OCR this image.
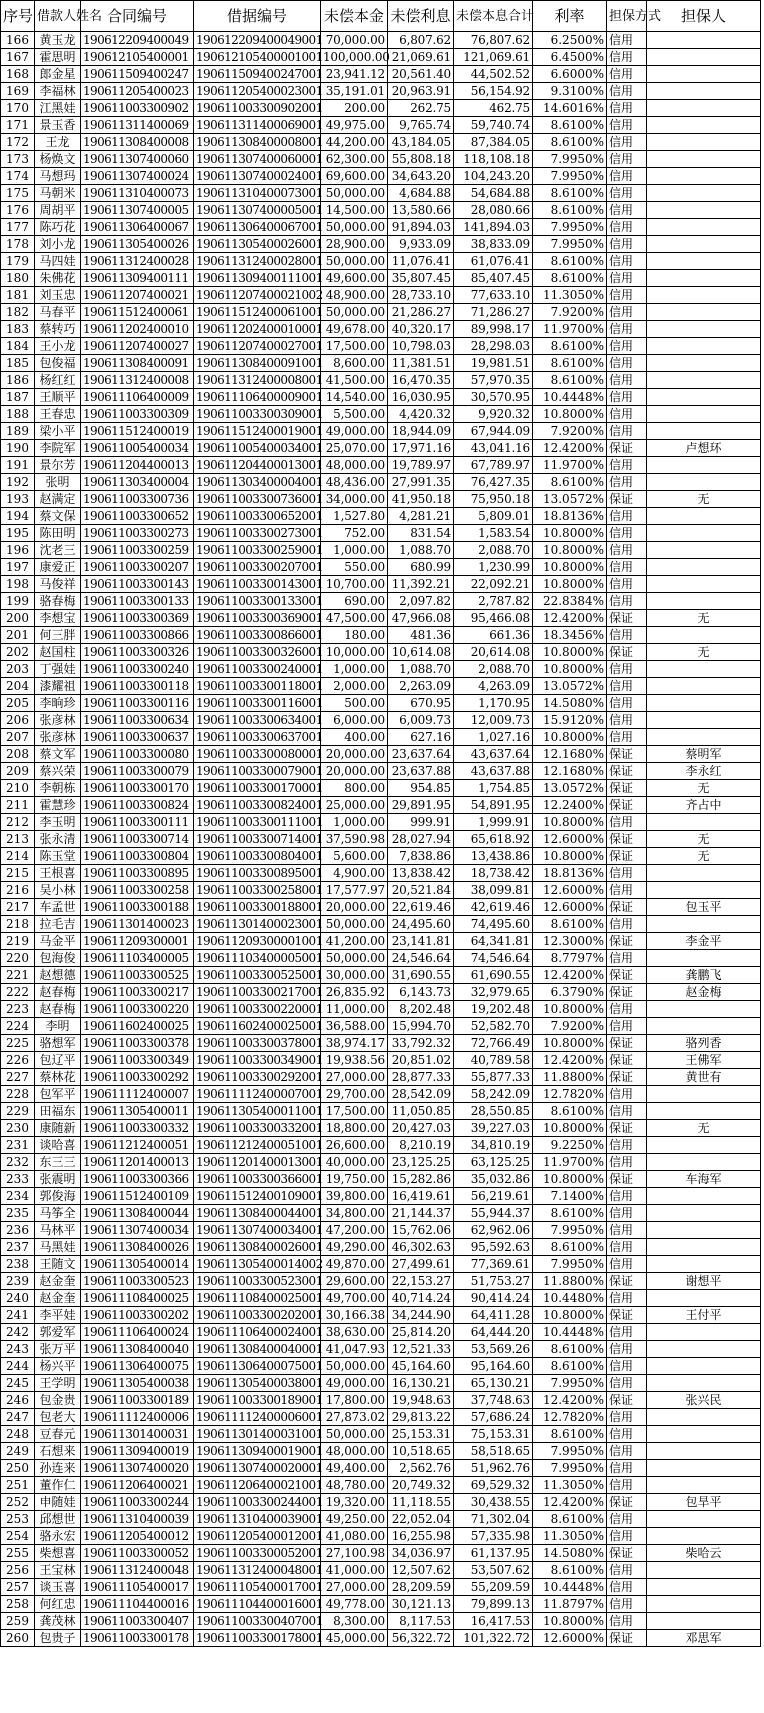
序号	借款人姓名	合同编号	借据编号	未偿本金	未偿利息	未偿本息合计	利率	担保方式	担保人
166	黄玉龙	190612209400049	190612209400049001	70,000.00	6,807.62	76,807.62	6.2500%	信用	
167	霍思明	190612105400001	190612105400001001	100,000.00	21,069.61	121,069.61	6.4500%	信用	
168	郎金星	190611509400247	190611509400247001	23,941.12	20,561.40	44,502.52	6.6000%	信用	
169	李福林	190611205400023	190611205400023001	35,191.01	20,963.91	56,154.92	9.3100%	信用	
170	江黑娃	190611003300902	190611003300902001	200.00	262.75	462.75	14.6016%	信用	
171	景玉香	190611311400069	190611311400069001	49,975.00	9,765.74	59,740.74	8.6100%	信用	
172	王龙	190611308400008	190611308400008001	44,200.00	43,184.05	87,384.05	8.6100%	信用	
173	杨焕文	190611307400060	190611307400060001	62,300.00	55,808.18	118,108.18	7.9950%	信用	
174	马想玛	190611307400024	190611307400024001	69,600.00	34,643.20	104,243.20	7.9950%	信用	
175	马朝米	190611310400073	190611310400073001	50,000.00	4,684.88	54,684.88	8.6100%	信用	
176	周胡平	190611307400005	190611307400005001	14,500.00	13,580.66	28,080.66	8.6100%	信用	
177	陈巧花	190611306400067	190611306400067001	50,000.00	91,894.03	141,894.03	7.9950%	信用	
178	刘小龙	190611305400026	190611305400026001	28,900.00	9,933.09	38,833.09	7.9950%	信用	
179	马四娃	190611312400028	190611312400028001	50,000.00	11,076.41	61,076.41	8.6100%	信用	
180	朱佛花	190611309400111	190611309400111001	49,600.00	35,807.45	85,407.45	8.6100%	信用	
181	刘玉忠	190611207400021	190611207400021002	48,900.00	28,733.10	77,633.10	11.3050%	信用	
182	马春平	190611512400061	190611512400061001	50,000.00	21,286.27	71,286.27	7.9200%	信用	
183	蔡转巧	190611202400010	190611202400010001	49,678.00	40,320.17	89,998.17	11.9700%	信用	
184	王小龙	190611207400027	190611207400027001	17,500.00	10,798.03	28,298.03	8.6100%	信用	
185	包俊福	190611308400091	190611308400091001	8,600.00	11,381.51	19,981.51	8.6100%	信用	
186	杨红红	190611312400008	190611312400008001	41,500.00	16,470.35	57,970.35	8.6100%	信用	
187	王顺平	190611106400009	190611106400009001	14,540.00	16,030.95	30,570.95	10.4448%	信用	
188	王春忠	190611003300309	190611003300309001	5,500.00	4,420.32	9,920.32	10.8000%	信用	
189	梁小平	190611512400019	190611512400019001	49,000.00	18,944.09	67,944.09	7.9200%	信用	
190	李院军	190611005400034	190611005400034001	25,070.00	17,971.16	43,041.16	12.4200%	保证	卢想环
191	景尔芳	190611204400013	190611204400013001	48,000.00	19,789.97	67,789.97	11.9700%	信用	
192	张明	190611303400004	190611303400004001	48,436.00	27,991.35	76,427.35	8.6100%	信用	
193	赵满定	190611003300736	190611003300736001	34,000.00	41,950.18	75,950.18	13.0572%	保证	无
194	蔡文保	190611003300652	190611003300652001	1,527.80	4,281.21	5,809.01	18.8136%	信用	
195	陈田明	190611003300273	190611003300273001	752.00	831.54	1,583.54	10.8000%	信用	
196	沈老三	190611003300259	190611003300259001	1,000.00	1,088.70	2,088.70	10.8000%	信用	
197	康爱正	190611003300207	190611003300207001	550.00	680.99	1,230.99	10.8000%	信用	
198	马俊祥	190611003300143	190611003300143001	10,700.00	11,392.21	22,092.21	10.8000%	信用	
199	骆春梅	190611003300133	190611003300133001	690.00	2,097.82	2,787.82	22.8384%	信用	
200	李想宝	190611003300369	190611003300369001	47,500.00	47,966.08	95,466.08	12.4200%	保证	无
201	何三胖	190611003300866	190611003300866001	180.00	481.36	661.36	18.3456%	信用	
202	赵国柱	190611003300326	190611003300326001	10,000.00	10,614.08	20,614.08	10.8000%	保证	无
203	丁强娃	190611003300240	190611003300240001	1,000.00	1,088.70	2,088.70	10.8000%	信用	
204	漆耀祖	190611003300118	190611003300118001	2,000.00	2,263.09	4,263.09	13.0572%	信用	
205	李晌珍	190611003300116	190611003300116001	500.00	670.95	1,170.95	14.5080%	信用	
206	张彦林	190611003300634	190611003300634001	6,000.00	6,009.73	12,009.73	15.9120%	信用	
207	张彦林	190611003300637	190611003300637001	400.00	627.16	1,027.16	10.8000%	信用	
208	蔡文军	190611003300080	190611003300080001	20,000.00	23,637.64	43,637.64	12.1680%	保证	蔡明军
209	蔡兴荣	190611003300079	190611003300079001	20,000.00	23,637.88	43,637.88	12.1680%	保证	李永红
210	李朝栋	190611003300170	190611003300170001	800.00	954.85	1,754.85	13.0572%	保证	无
211	霍慧珍	190611003300824	190611003300824001	25,000.00	29,891.95	54,891.95	12.2400%	保证	齐占中
212	李玉明	190611003300111	190611003300111001	1,000.00	999.91	1,999.91	10.8000%	信用	
213	张永清	190611003300714	190611003300714001	37,590.98	28,027.94	65,618.92	12.6000%	保证	无
214	陈玉堂	190611003300804	190611003300804001	5,600.00	7,838.86	13,438.86	10.8000%	保证	无
215	王根喜	190611003300895	190611003300895001	4,900.00	13,838.42	18,738.42	18.8136%	信用	
216	吴小林	190611003300258	190611003300258001	17,577.97	20,521.84	38,099.81	12.6000%	信用	
217	车孟世	190611003300188	190611003300188001	20,000.00	22,619.46	42,619.46	12.6000%	保证	包玉平
218	拉毛吉	190611301400023	190611301400023001	50,000.00	24,495.60	74,495.60	8.6100%	信用	
219	马金平	190611209300001	190611209300001001	41,200.00	23,141.81	64,341.81	12.3000%	保证	李金平
220	包海俊	190611103400005	190611103400005001	50,000.00	24,546.64	74,546.64	8.7797%	信用	
221	赵想德	190611003300525	190611003300525001	30,000.00	31,690.55	61,690.55	12.4200%	保证	龚鹏飞
222	赵春梅	190611003300217	190611003300217001	26,835.92	6,143.73	32,979.65	6.3790%	保证	赵金梅
223	赵春梅	190611003300220	190611003300220001	11,000.00	8,202.48	19,202.48	10.8000%	信用	
224	李明	190611602400025	190611602400025001	36,588.00	15,994.70	52,582.70	7.9200%	信用	
225	骆想军	190611003300378	190611003300378001	38,974.17	33,792.32	72,766.49	10.8000%	保证	骆列香
226	包辽平	190611003300349	190611003300349001	19,938.56	20,851.02	40,789.58	12.4200%	保证	王佛军
227	蔡林花	190611003300292	190611003300292001	27,000.00	28,877.33	55,877.33	11.8800%	保证	黄世有
228	包军平	190611112400007	190611112400007001	29,700.00	28,542.09	58,242.09	12.7820%	信用	
229	田福东	190611305400011	190611305400011001	17,500.00	11,050.85	28,550.85	8.6100%	信用	
230	康随新	190611003300332	190611003300332001	18,800.00	20,427.03	39,227.03	10.8000%	保证	无
231	谈哈喜	190611212400051	190611212400051001	26,600.00	8,210.19	34,810.19	9.2250%	信用	
232	东三三	190611201400013	190611201400013001	40,000.00	23,125.25	63,125.25	11.9700%	信用	
233	张震明	190611003300366	190611003300366001	19,750.00	15,282.86	35,032.86	10.8000%	保证	车海军
234	郭俊海	190611512400109	190611512400109001	39,800.00	16,419.61	56,219.61	7.1400%	信用	
235	马筝全	190611308400044	190611308400044001	34,800.00	21,144.37	55,944.37	8.6100%	信用	
236	马林平	190611307400034	190611307400034001	47,200.00	15,762.06	62,962.06	7.9950%	信用	
237	马黑娃	190611308400026	190611308400026001	49,290.00	46,302.63	95,592.63	8.6100%	信用	
238	王随文	190611305400014	190611305400014002	49,870.00	27,499.61	77,369.61	7.9950%	信用	
239	赵金奎	190611003300523	190611003300523001	29,600.00	22,153.27	51,753.27	11.8800%	保证	谢想平
240	赵金奎	190611108400025	190611108400025001	49,700.00	40,714.24	90,414.24	10.4480%	信用	
241	李平娃	190611003300202	190611003300202001	30,166.38	34,244.90	64,411.28	10.8000%	保证	王付平
242	郭爱军	190611106400024	190611106400024001	38,630.00	25,814.20	64,444.20	10.4448%	信用	
243	张万平	190611308400040	190611308400040001	41,047.93	12,521.33	53,569.26	8.6100%	信用	
244	杨兴平	190611306400075	190611306400075001	50,000.00	45,164.60	95,164.60	8.6100%	信用	
245	王学明	190611305400038	190611305400038001	49,000.00	16,130.21	65,130.21	7.9950%	信用	
246	包金贵	190611003300189	190611003300189001	17,800.00	19,948.63	37,748.63	12.4200%	保证	张兴民
247	包老大	190611112400006	190611112400006001	27,873.02	29,813.22	57,686.24	12.7820%	信用	
248	豆春元	190611301400031	190611301400031001	50,000.00	25,153.31	75,153.31	8.6100%	信用	
249	石想来	190611309400019	190611309400019001	48,000.00	10,518.65	58,518.65	7.9950%	信用	
250	孙连来	190611307400020	190611307400020001	49,400.00	2,562.76	51,962.76	7.9950%	信用	
251	董作仁	190611206400021	190611206400021001	48,780.00	20,749.32	69,529.32	11.3050%	信用	
252	申随娃	190611003300244	190611003300244001	19,320.00	11,118.55	30,438.55	12.4200%	保证	包旱平
253	邱想世	190611310400039	190611310400039001	49,250.00	22,052.04	71,302.04	8.6100%	信用	
254	骆永宏	190611205400012	190611205400012001	41,080.00	16,255.98	57,335.98	11.3050%	信用	
255	柴想喜	190611003300052	190611003300052001	27,100.98	34,036.97	61,137.95	14.5080%	保证	柴哈云
256	王宝林	190611312400048	190611312400048001	41,000.00	12,507.62	53,507.62	8.6100%	信用	
257	谈玉喜	190611105400017	190611105400017001	27,000.00	28,209.59	55,209.59	10.4448%	信用	
258	何红忠	190611104400016	190611104400016001	49,778.00	30,121.13	79,899.13	11.8797%	信用	
259	龚茂林	190611003300407	190611003300407001	8,300.00	8,117.53	16,417.53	10.8000%	信用	
260	包贵子	190611003300178	190611003300178001	45,000.00	56,322.72	101,322.72	12.6000%	保证	邓思军
